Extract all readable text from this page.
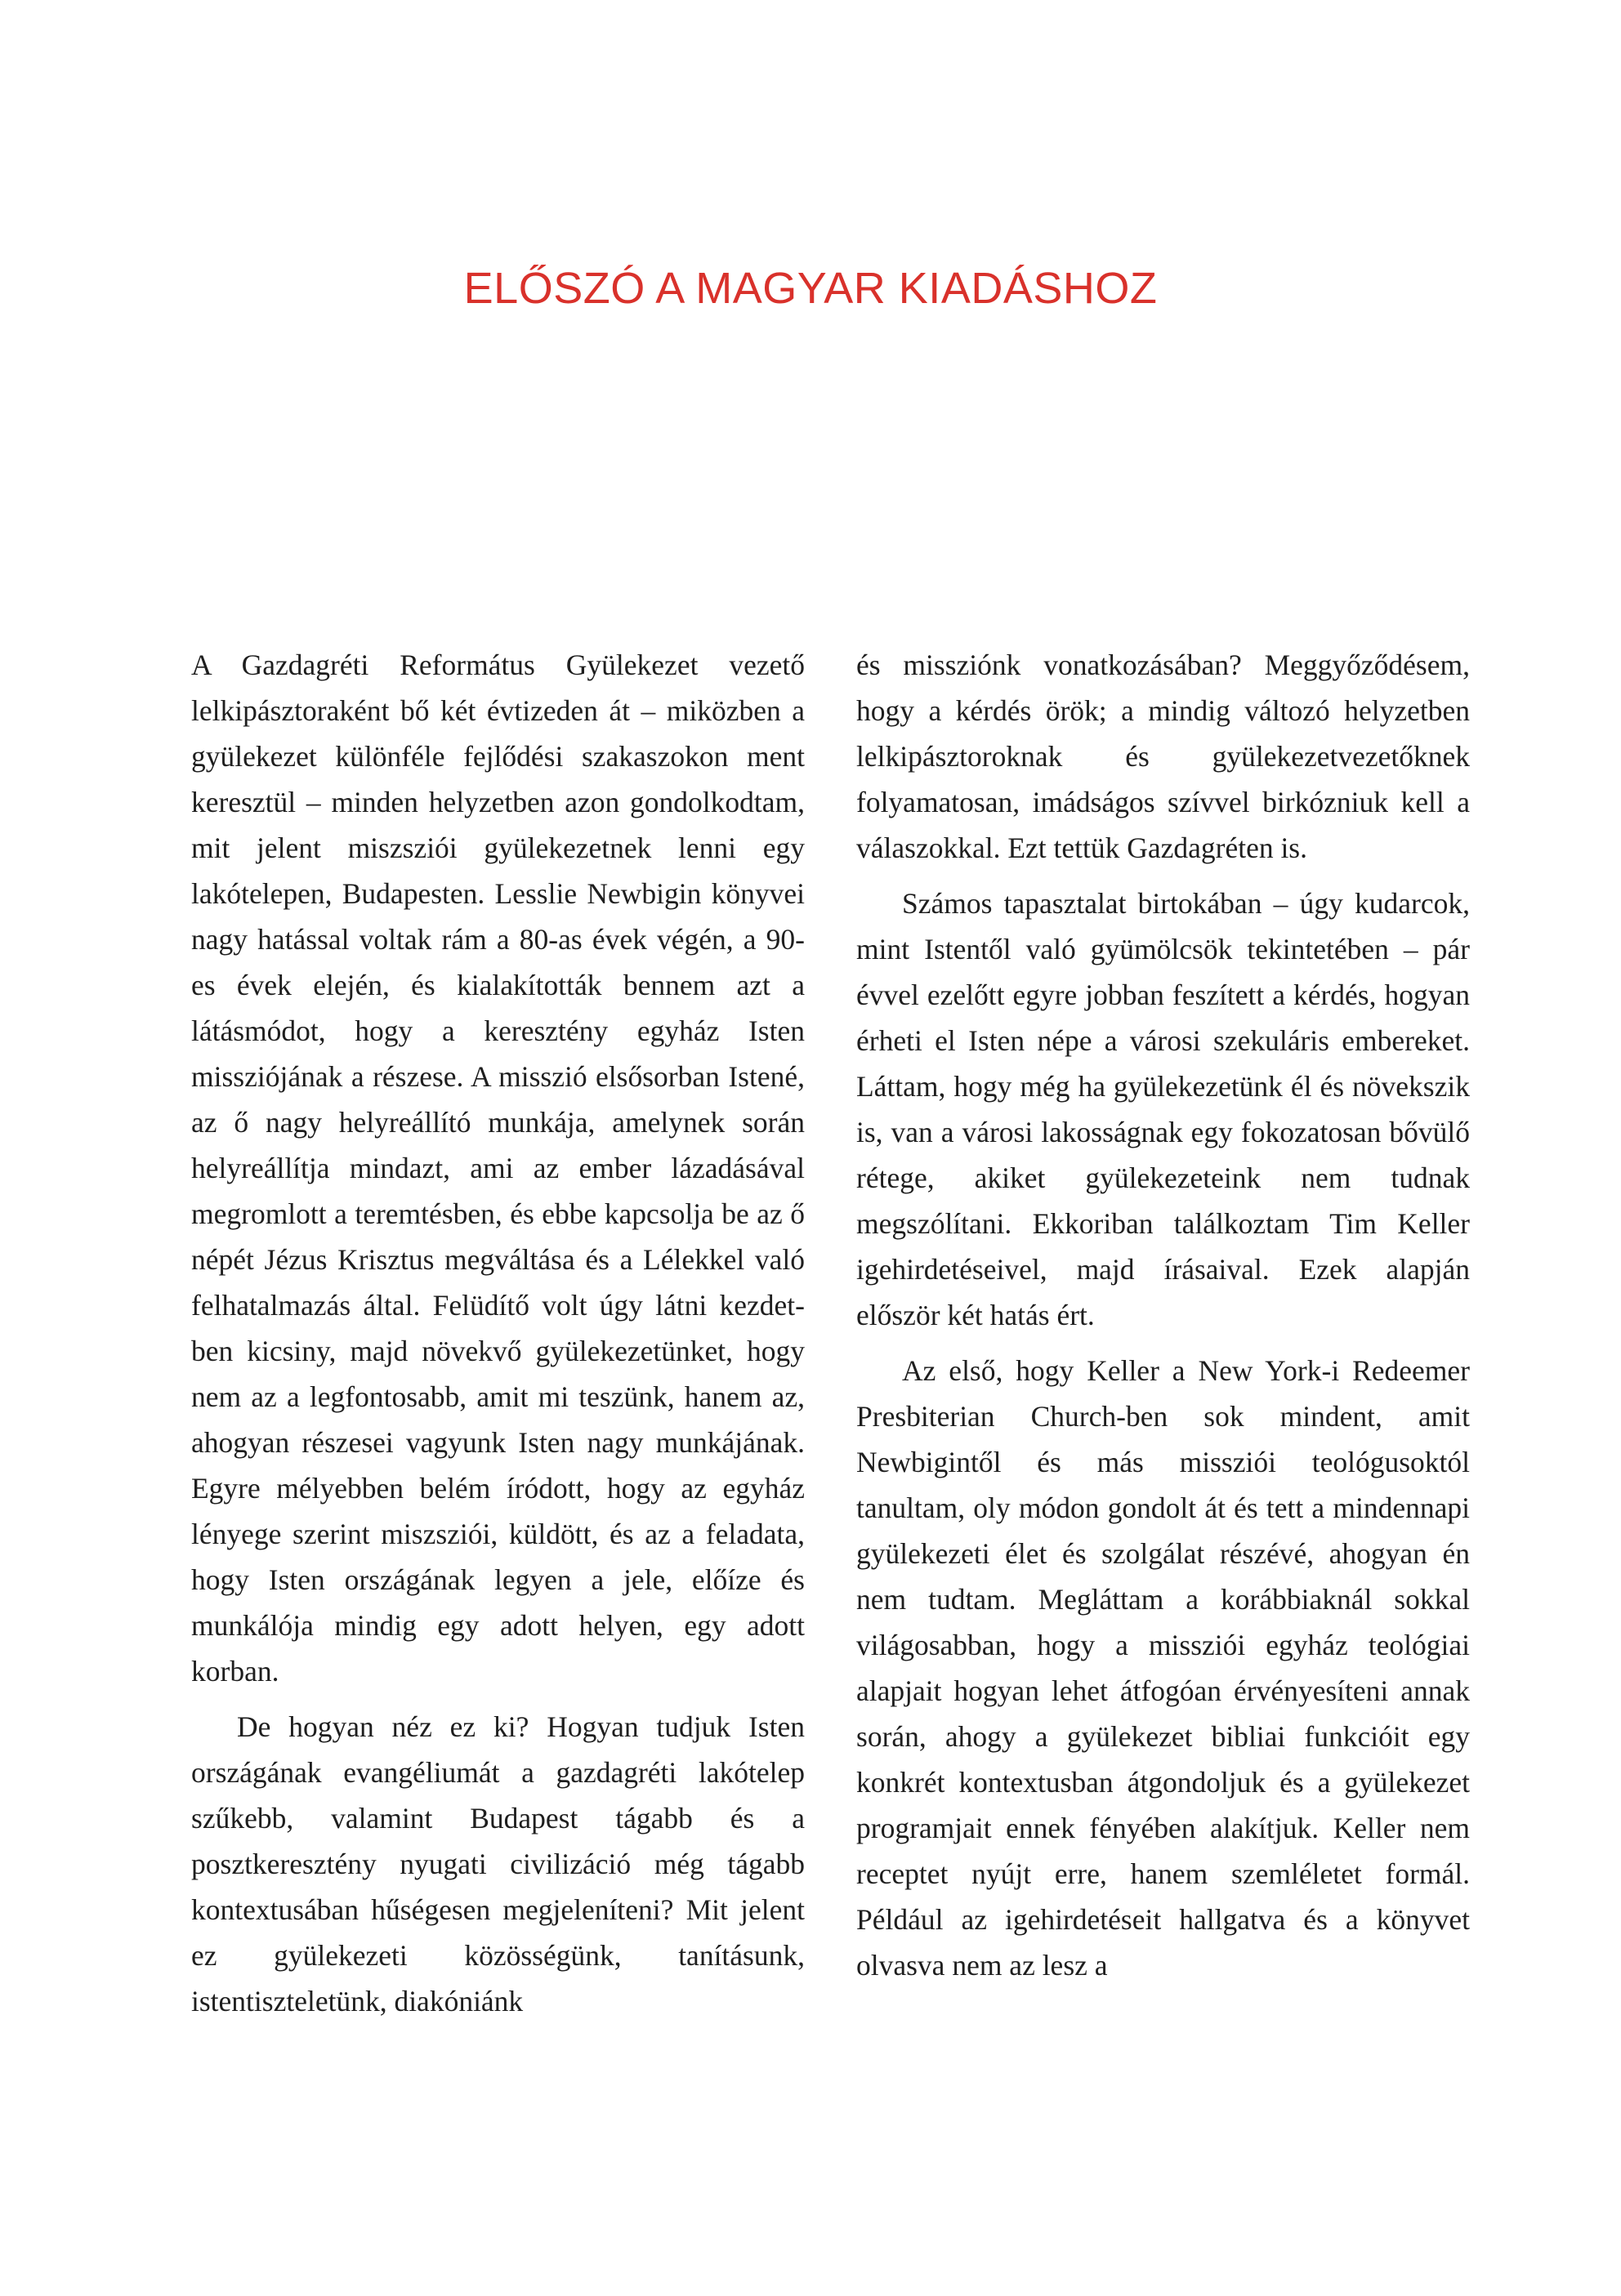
ELŐSZÓ A MAGYAR KIADÁSHOZ

A Gazdagréti Református Gyülekezet vezető lelkipásztoraként bő két évtizeden át – miközben a gyülekezet különféle fejlődési szakaszokon ment keresztül – minden helyzetben azon gondolkodtam, mit jelent miszsziói gyülekezetnek lenni egy lakótelepen, Budapesten. Lesslie Newbigin könyvei nagy hatással voltak rám a 80-as évek végén, a 90-es évek elején, és kialakították bennem azt a látásmódot, hogy a keresztény egyház Isten missziójának a részese. A misszió elsősorban Istené, az ő nagy helyreállító munkája, amelynek során helyreállítja mindazt, ami az ember lázadásával megromlott a teremtésben, és ebbe kapcsolja be az ő népét Jézus Krisztus megváltása és a Lélekkel való felhatalmazás által. Felüdítő volt úgy látni kezdetben kicsiny, majd növekvő gyülekezetünket, hogy nem az a legfontosabb, amit mi teszünk, hanem az, ahogyan részesei vagyunk Isten nagy munkájának. Egyre mélyebben belém íródott, hogy az egyház lényege szerint miszsziói, küldött, és az a feladata, hogy Isten országának legyen a jele, előíze és munkálója mindig egy adott helyen, egy adott korban.

De hogyan néz ez ki? Hogyan tudjuk Isten országának evangéliumát a gazdagréti lakótelep szűkebb, valamint Budapest tágabb és a posztkeresztény nyugati civilizáció még tágabb kontextusában hűségesen megjeleníteni? Mit jelent ez gyülekezeti közösségünk, tanításunk, istentiszteletünk, diakóniánk

és missziónk vonatkozásában? Meggyőződésem, hogy a kérdés örök; a mindig változó helyzetben lelkipásztoroknak és gyülekezetvezetőknek folyamatosan, imádságos szívvel birkózniuk kell a válaszokkal. Ezt tettük Gazdagréten is.

Számos tapasztalat birtokában – úgy kudarcok, mint Istentől való gyümölcsök tekintetében – pár évvel ezelőtt egyre jobban feszített a kérdés, hogyan érheti el Isten népe a városi szekuláris embereket. Láttam, hogy még ha gyülekezetünk él és növekszik is, van a városi lakosságnak egy fokozatosan bővülő rétege, akiket gyülekezeteink nem tudnak megszólítani. Ekkoriban találkoztam Tim Keller igehirdetéseivel, majd írásaival. Ezek alapján először két hatás ért.

Az első, hogy Keller a New York-i Redeemer Presbiterian Church-ben sok mindent, amit Newbigintől és más missziói teológusoktól tanultam, oly módon gondolt át és tett a mindennapi gyülekezeti élet és szolgálat részévé, ahogyan én nem tudtam. Megláttam a korábbiaknál sokkal világosabban, hogy a missziói egyház teológiai alapjait hogyan lehet átfogóan érvényesíteni annak során, ahogy a gyülekezet bibliai funkcióit egy konkrét kontextusban átgondoljuk és a gyülekezet programjait ennek fényében alakítjuk. Keller nem receptet nyújt erre, hanem szemléletet formál. Például az igehirdetéseit hallgatva és a könyvet olvasva nem az lesz a
